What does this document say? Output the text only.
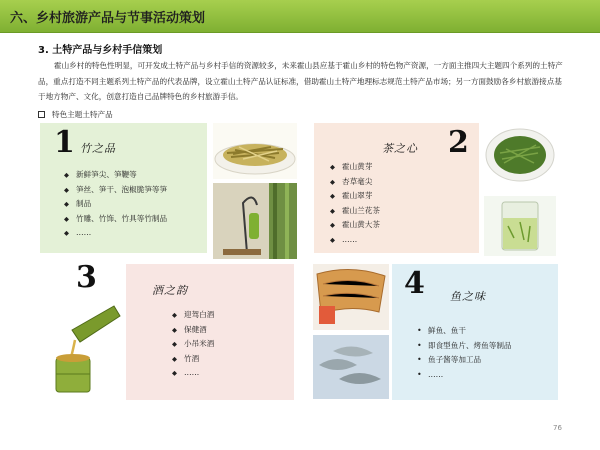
六、乡村旅游产品与节事活动策划
3. 土特产品与乡村手信策划
霍山乡村的特色性明显，可开发成土特产品与乡村手信的资源较多，未来霍山县应基于霍山乡村的特色物产资源，一方面主推四大主题四个系列的土特产品，重点打造不同主题系列土特产品的代表品牌，设立霍山土特产品认证标准，借助霍山土特产地理标志规范土特产品市场；另一方面鼓励各乡村旅游接点基于地方物产、文化，创意打造自己品牌特色的乡村旅游手信。
特色主题土特产品
1 竹之品
◆ 新鲜笋尖、笋鞭等
◆ 笋丝、笋干、泡椒脆笋等笋
◆ 制品
◆ 竹雕、竹饰、竹具等竹制品
◆ ……
茶之心 2
◆ 霍山黄芽
◆ 杏草毫尖
◆ 霍山翠芽
◆ 霍山兰花茶
◆ 霍山黄大茶
◆ ……
酒之韵
◆ 迎驾白酒
◆ 保健酒
◆ 小吊米酒
◆ 竹酒
◆ ……
3	4 鱼之味
• 鲜鱼、鱼干
• 即食型鱼片、烤鱼等制品
• 鱼子酱等加工品
• ……
76
